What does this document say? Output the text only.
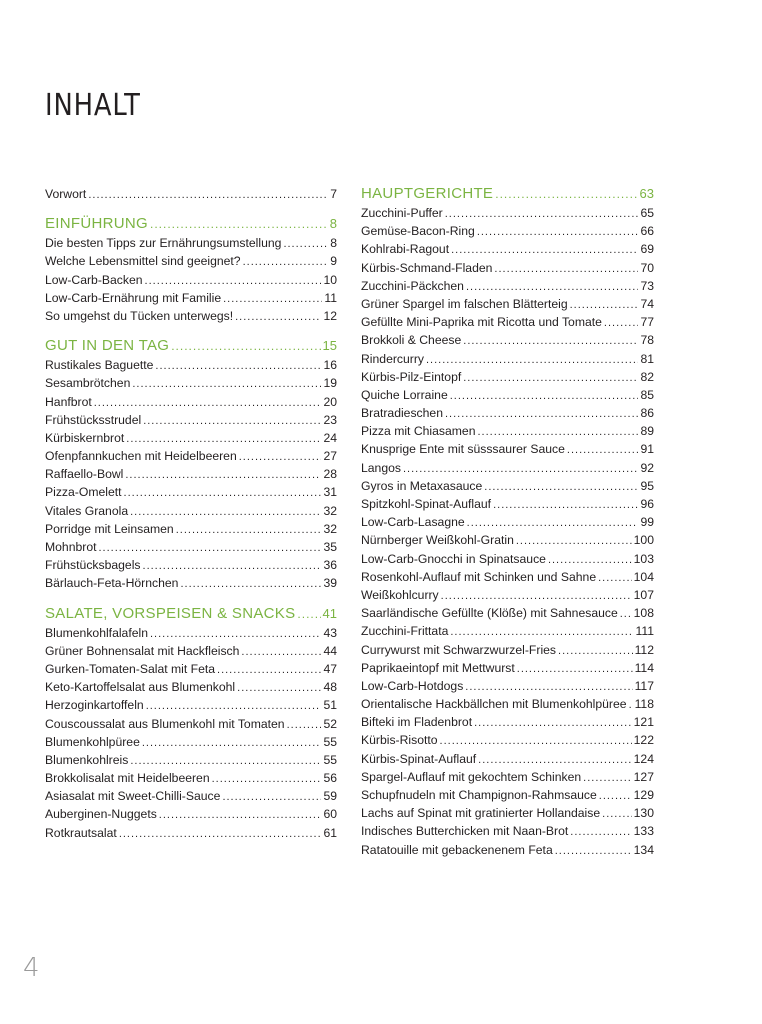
INHALT
Vorwort .....	7
EINFÜHRUNG .....	8
Die besten Tipps zur Ernährungsumstellung .....	8
Welche Lebensmittel sind geeignet? .....	9
Low-Carb-Backen .....	10
Low-Carb-Ernährung mit Familie .....	11
So umgehst du Tücken unterwegs! .....	12
GUT IN DEN TAG .....	15
Rustikales Baguette .....	16
Sesambrötchen .....	19
Hanfbrot .....	20
Frühstücksstrudel .....	23
Kürbiskernbrot .....	24
Ofenpfannkuchen mit Heidelbeeren .....	27
Raffaello-Bowl .....	28
Pizza-Omelett .....	31
Vitales Granola .....	32
Porridge mit Leinsamen .....	32
Mohnbrot .....	35
Frühstücksbagels .....	36
Bärlauch-Feta-Hörnchen .....	39
SALATE, VORSPEISEN & SNACKS ..... 41
Blumenkohlfalafeln .....	43
Grüner Bohnensalat mit Hackfleisch .....	44
Gurken-Tomaten-Salat mit Feta .....	47
Keto-Kartoffelsalat aus Blumenkohl .....	48
Herzoginkartoffeln .....	51
Couscoussalat aus Blumenkohl mit Tomaten .....	52
Blumenkohlpüree .....	55
Blumenkohlreis .....	55
Brokkolisalat mit Heidelbeeren .....	56
Asiasalat mit Sweet-Chilli-Sauce .....	59
Auberginen-Nuggets .....	60
Rotkrautsalat .....	61
HAUPTGERICHTE .....	63
Zucchini-Puffer .....	65
Gemüse-Bacon-Ring .....	66
Kohlrabi-Ragout .....	69
Kürbis-Schmand-Fladen .....	70
Zucchini-Päckchen .....	73
Grüner Spargel im falschen Blätterteig .....	74
Gefüllte Mini-Paprika mit Ricotta und Tomate .....	77
Brokkoli & Cheese .....	78
Rindercurry .....	81
Kürbis-Pilz-Eintopf .....	82
Quiche Lorraine .....	85
Bratradieschen .....	86
Pizza mit Chiasamen .....	89
Knusprige Ente mit süsssaurer Sauce .....	91
Langos .....	92
Gyros in Metaxasauce .....	95
Spitzkohl-Spinat-Auflauf .....	96
Low-Carb-Lasagne .....	99
Nürnberger Weißkohl-Gratin .....	100
Low-Carb-Gnocchi in Spinatsauce .....	103
Rosenkohl-Auflauf mit Schinken und Sahne .....	104
Weißkohlcurry .....	107
Saarländische Gefüllte (Klöße) mit Sahnesauce ..... 108
Zucchini-Frittata .....	111
Currywurst mit Schwarzwurzel-Fries .....	112
Paprikaeintopf mit Mettwurst .....	114
Low-Carb-Hotdogs .....	117
Orientalische Hackbällchen mit Blumenkohlpüree ..... 118
Bifteki im Fladenbrot .....	121
Kürbis-Risotto .....	122
Kürbis-Spinat-Auflauf .....	124
Spargel-Auflauf mit gekochtem Schinken .....	127
Schupfnudeln mit Champignon-Rahmsauce .....	129
Lachs auf Spinat mit gratinierter Hollandaise .....	130
Indisches Butterchicken mit Naan-Brot .....	133
Ratatouille mit gebackenenem Feta .....	134

4
